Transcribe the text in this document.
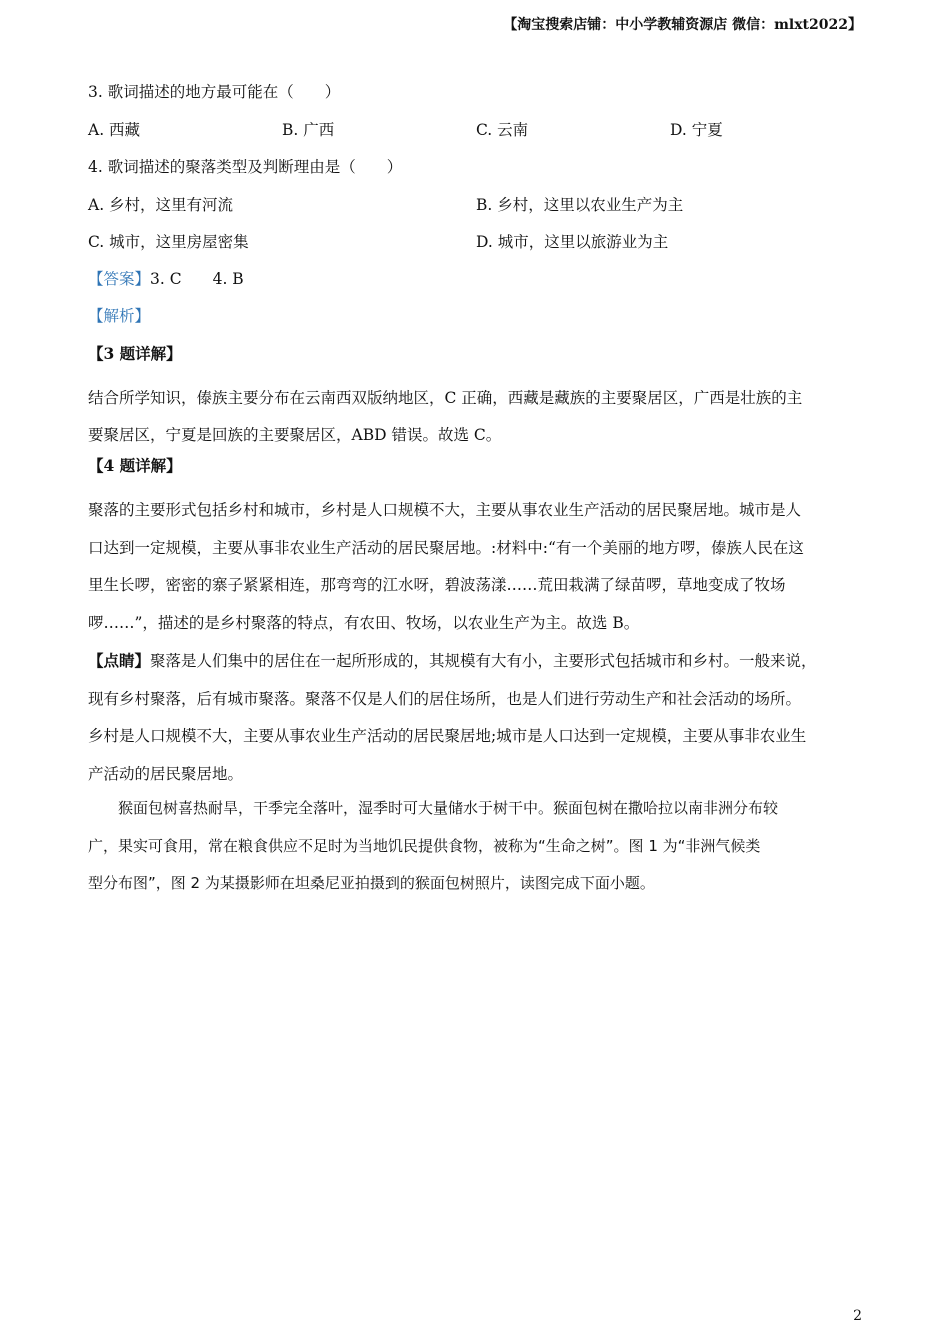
【淘宝搜索店铺：中小学教辅资源店 微信：mlxt2022】
3. 歌词描述的地方最可能在（　　）
A. 西藏	B. 广西	C. 云南	D. 宁夏
4. 歌词描述的聚落类型及判断理由是（　　）
A. 乡村，这里有河流	B. 乡村，这里以农业生产为主
C. 城市，这里房屋密集	D. 城市，这里以旅游业为主
【答案】3. C　　4. B
【解析】
【3 题详解】
结合所学知识，傣族主要分布在云南西双版纳地区，C 正确，西藏是藏族的主要聚居区，广西是壮族的主
要聚居区，宁夏是回族的主要聚居区，ABD 错误。故选 C。
【4 题详解】
聚落的主要形式包括乡村和城市，乡村是人口规模不大，主要从事农业生产活动的居民聚居地。城市是人
口达到一定规模，主要从事非农业生产活动的居民聚居地。:材料中:“有一个美丽的地方啰，傣族人民在这
里生长啰，密密的寨子紧紧相连，那弯弯的江水呀，碧波荡漾……荒田栽满了绿苗啰，草地变成了牧场
啰……”，描述的是乡村聚落的特点，有农田、牧场，以农业生产为主。故选 B。
【点睛】聚落是人们集中的居住在一起所形成的，其规模有大有小，主要形式包括城市和乡村。一般来说，
现有乡村聚落，后有城市聚落。聚落不仅是人们的居住场所，也是人们进行劳动生产和社会活动的场所。
乡村是人口规模不大，主要从事农业生产活动的居民聚居地;城市是人口达到一定规模，主要从事非农业生
产活动的居民聚居地。
　　猴面包树喜热耐旱，干季完全落叶，湿季时可大量储水于树干中。猴面包树在撒哈拉以南非洲分布较
广，果实可食用，常在粮食供应不足时为当地饥民提供食物，被称为“生命之树”。图 1 为“非洲气候类
型分布图”，图 2 为某摄影师在坦桑尼亚拍摄到的猴面包树照片，读图完成下面小题。
2
